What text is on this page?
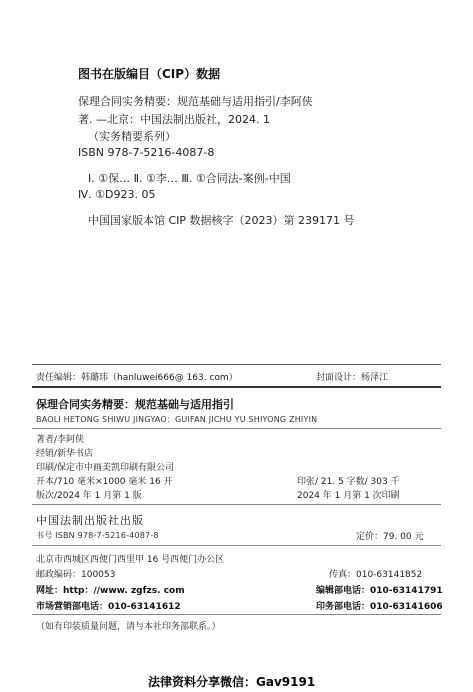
图书在版编目（CIP）数据
保理合同实务精要：规范基础与适用指引/李阿侠
著. —北京：中国法制出版社，2024. 1
（实务精要系列）
ISBN 978-7-5216-4087-8
Ⅰ. ①保… Ⅱ. ①李… Ⅲ. ①合同法-案例-中国
Ⅳ. ①D923. 05
中国国家版本馆 CIP 数据核字（2023）第 239171 号
责任编辑：韩璐玮（hanluwei666@ 163. com）	封面设计：杨泽江
保理合同实务精要：规范基础与适用指引
BAOLI HETONG SHIWU JINGYAO：GUIFAN JICHU YU SHIYONG ZHIYIN
著者/李阿侠
经销/新华书店
印刷/保定市中画美凯印刷有限公司
开本/710 毫米×1000 毫米 16 开	印张/ 21. 5 字数/ 303 千
版次/2024 年 1 月第 1 版	2024 年 1 月第 1 次印刷
中国法制出版社出版
书号 ISBN 978-7-5216-4087-8	定价：79. 00 元
北京市西城区西便门西里甲 16 号西便门办公区
邮政编码：100053	传真：010-63141852
网址：http：//www. zgfzs. com	编辑部电话：010-63141791
市场营销部电话：010-63141612	印务部电话：010-63141606
（如有印装质量问题，请与本社印务部联系。）
法律资料分享微信：Gav9191
